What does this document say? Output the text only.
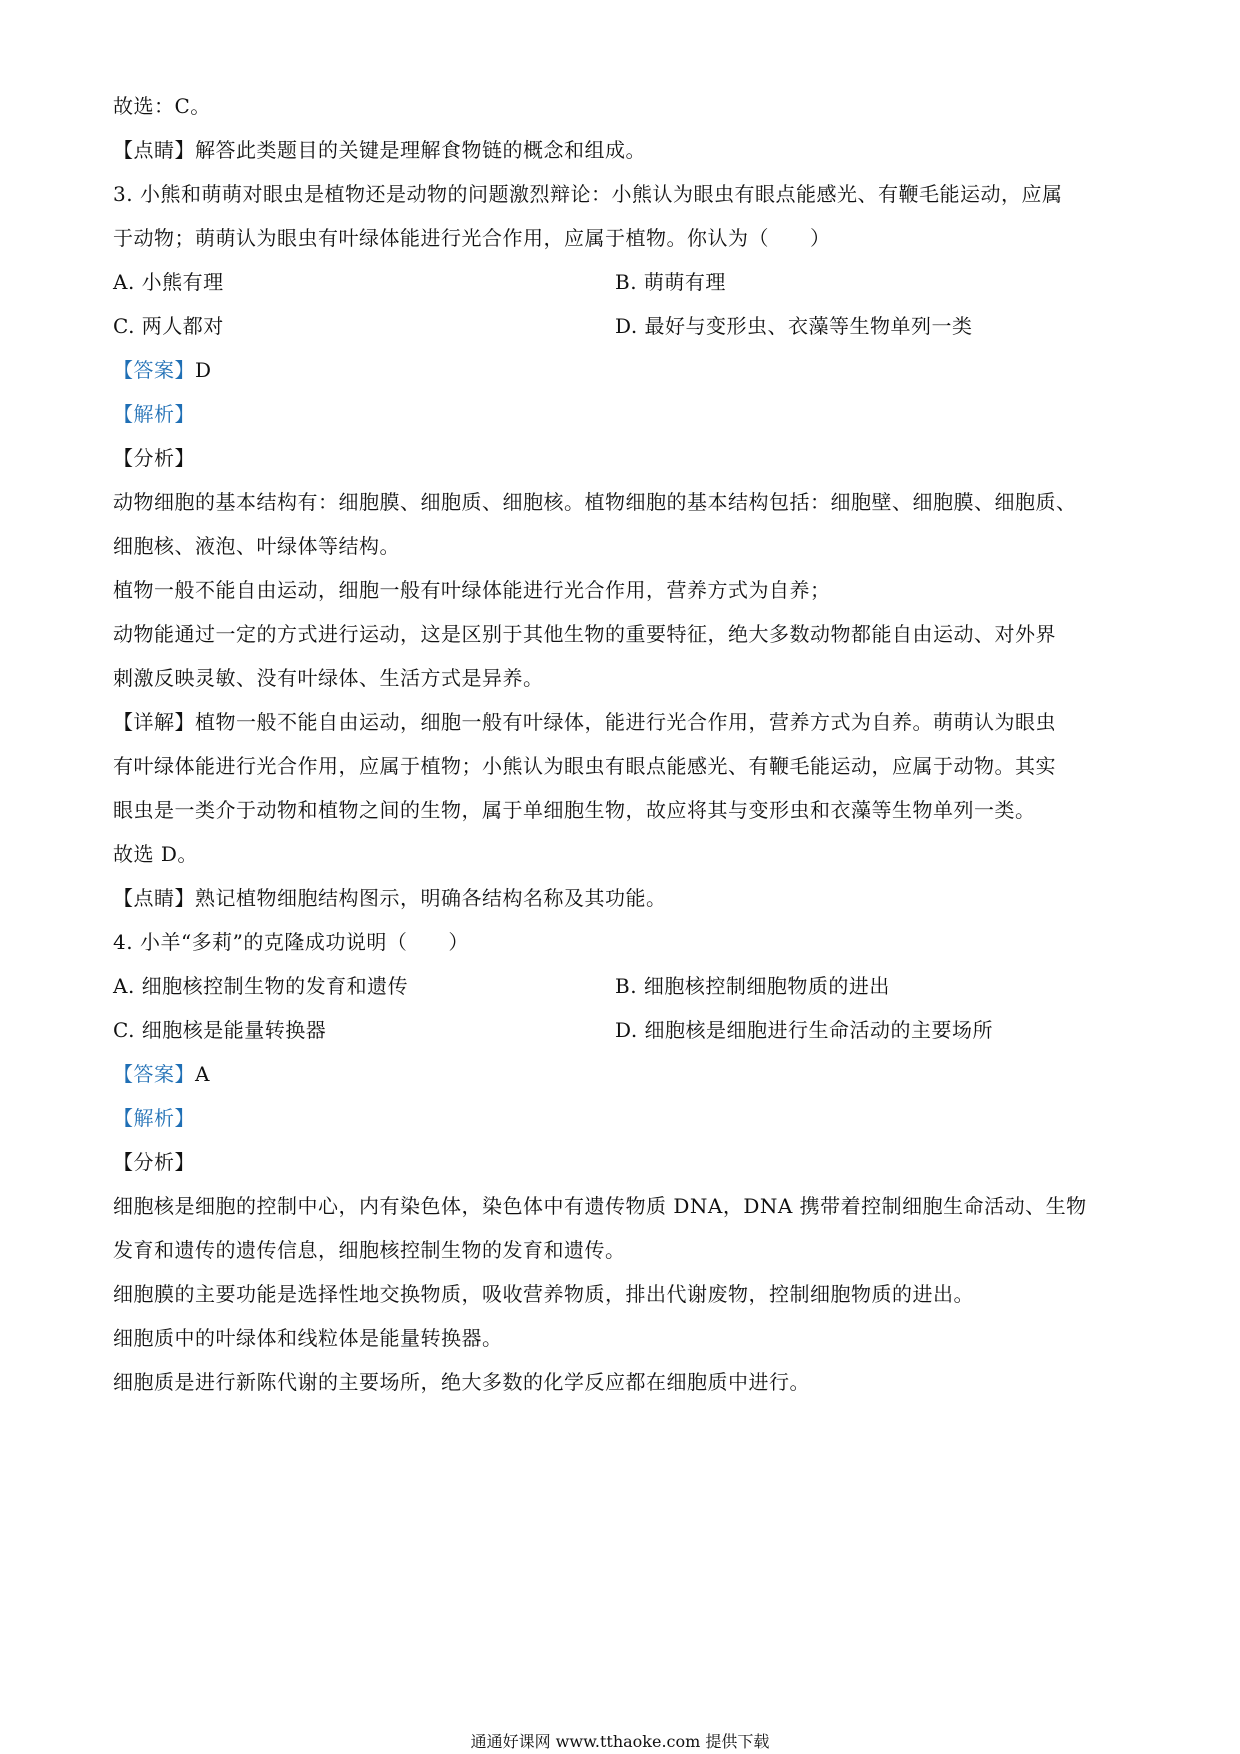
故选：C。
【点睛】解答此类题目的关键是理解食物链的概念和组成。
3. 小熊和萌萌对眼虫是植物还是动物的问题激烈辩论：小熊认为眼虫有眼点能感光、有鞭毛能运动，应属
于动物；萌萌认为眼虫有叶绿体能进行光合作用，应属于植物。你认为（　　）
A. 小熊有理	B. 萌萌有理
C. 两人都对	D. 最好与变形虫、衣藻等生物单列一类
【答案】D
【解析】
【分析】
动物细胞的基本结构有：细胞膜、细胞质、细胞核。植物细胞的基本结构包括：细胞壁、细胞膜、细胞质、
细胞核、液泡、叶绿体等结构。
植物一般不能自由运动，细胞一般有叶绿体能进行光合作用，营养方式为自养；
动物能通过一定的方式进行运动，这是区别于其他生物的重要特征，绝大多数动物都能自由运动、对外界
刺激反映灵敏、没有叶绿体、生活方式是异养。
【详解】植物一般不能自由运动，细胞一般有叶绿体，能进行光合作用，营养方式为自养。萌萌认为眼虫
有叶绿体能进行光合作用，应属于植物；小熊认为眼虫有眼点能感光、有鞭毛能运动，应属于动物。其实
眼虫是一类介于动物和植物之间的生物，属于单细胞生物，故应将其与变形虫和衣藻等生物单列一类。
故选 D。
【点睛】熟记植物细胞结构图示，明确各结构名称及其功能。
4. 小羊“多莉”的克隆成功说明（　　）
A. 细胞核控制生物的发育和遗传	B. 细胞核控制细胞物质的进出
C. 细胞核是能量转换器	D. 细胞核是细胞进行生命活动的主要场所
【答案】A
【解析】
【分析】
细胞核是细胞的控制中心，内有染色体，染色体中有遗传物质 DNA，DNA 携带着控制细胞生命活动、生物
发育和遗传的遗传信息，细胞核控制生物的发育和遗传。
细胞膜的主要功能是选择性地交换物质，吸收营养物质，排出代谢废物，控制细胞物质的进出。
细胞质中的叶绿体和线粒体是能量转换器。
细胞质是进行新陈代谢的主要场所，绝大多数的化学反应都在细胞质中进行。
通通好课网 www.tthaoke.com 提供下载
